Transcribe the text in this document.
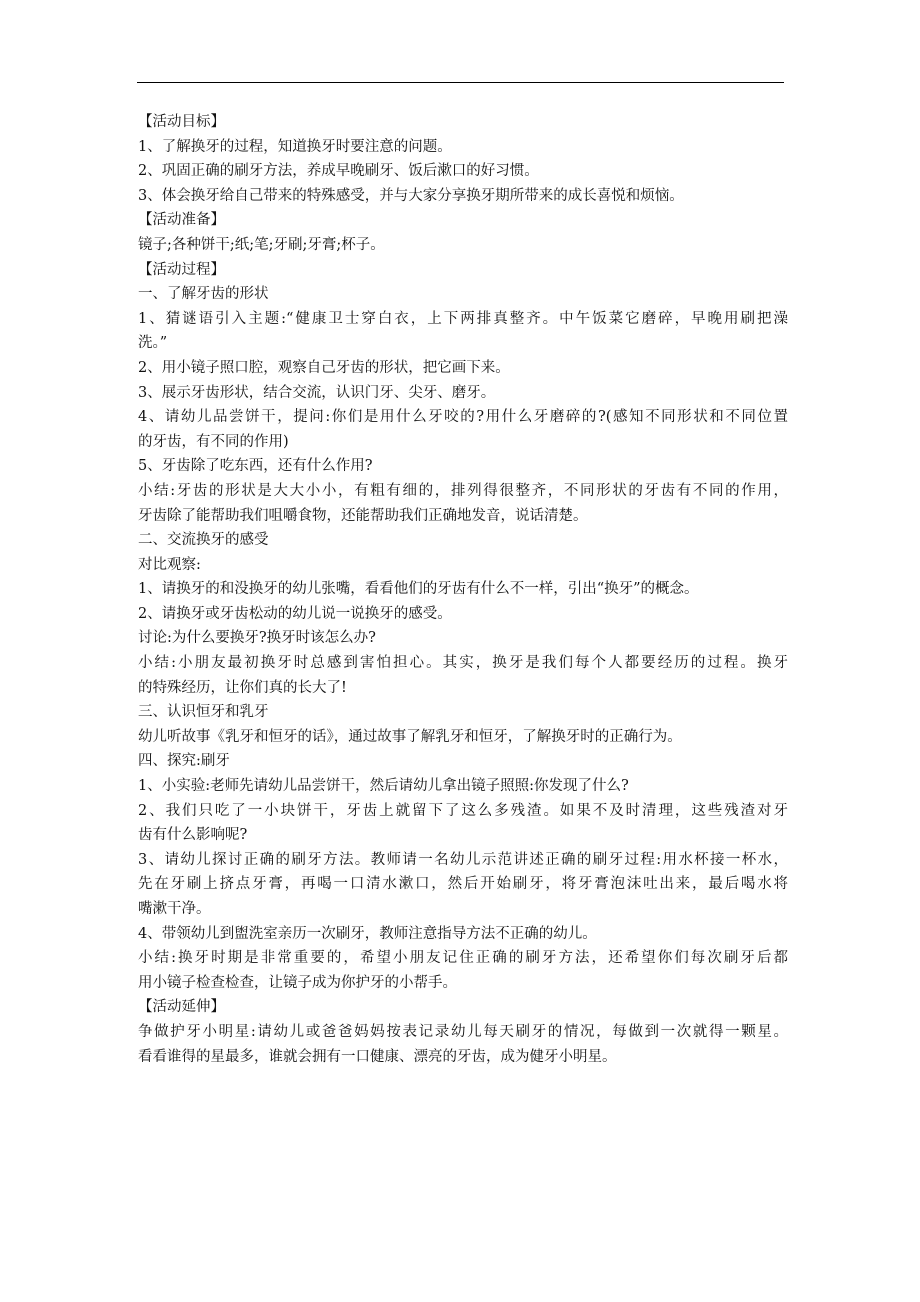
【活动目标】
1、了解换牙的过程，知道换牙时要注意的问题。
2、巩固正确的刷牙方法，养成早晚刷牙、饭后漱口的好习惯。
3、体会换牙给自己带来的特殊感受，并与大家分享换牙期所带来的成长喜悦和烦恼。
【活动准备】
镜子;各种饼干;纸;笔;牙刷;牙膏;杯子。
【活动过程】
一、了解牙齿的形状
1、猜谜语引入主题:“健康卫士穿白衣，上下两排真整齐。中午饭菜它磨碎，早晚用刷把澡
洗。”
2、用小镜子照口腔，观察自己牙齿的形状，把它画下来。
3、展示牙齿形状，结合交流，认识门牙、尖牙、磨牙。
4、请幼儿品尝饼干，提问:你们是用什么牙咬的?用什么牙磨碎的?(感知不同形状和不同位置
的牙齿，有不同的作用)
5、牙齿除了吃东西，还有什么作用?
小结:牙齿的形状是大大小小，有粗有细的，排列得很整齐，不同形状的牙齿有不同的作用，
牙齿除了能帮助我们咀嚼食物，还能帮助我们正确地发音，说话清楚。
二、交流换牙的感受
对比观察:
1、请换牙的和没换牙的幼儿张嘴，看看他们的牙齿有什么不一样，引出“换牙”的概念。
2、请换牙或牙齿松动的幼儿说一说换牙的感受。
讨论:为什么要换牙?换牙时该怎么办?
小结:小朋友最初换牙时总感到害怕担心。其实，换牙是我们每个人都要经历的过程。换牙
的特殊经历，让你们真的长大了!
三、认识恒牙和乳牙
幼儿听故事《乳牙和恒牙的话》，通过故事了解乳牙和恒牙，了解换牙时的正确行为。
四、探究:刷牙
1、小实验:老师先请幼儿品尝饼干，然后请幼儿拿出镜子照照:你发现了什么?
2、我们只吃了一小块饼干，牙齿上就留下了这么多残渣。如果不及时清理，这些残渣对牙
齿有什么影响呢?
3、请幼儿探讨正确的刷牙方法。教师请一名幼儿示范讲述正确的刷牙过程:用水杯接一杯水，
先在牙刷上挤点牙膏，再喝一口清水漱口，然后开始刷牙，将牙膏泡沫吐出来，最后喝水将
嘴漱干净。
4、带领幼儿到盥洗室亲历一次刷牙，教师注意指导方法不正确的幼儿。
小结:换牙时期是非常重要的，希望小朋友记住正确的刷牙方法，还希望你们每次刷牙后都
用小镜子检查检查，让镜子成为你护牙的小帮手。
【活动延伸】
争做护牙小明星:请幼儿或爸爸妈妈按表记录幼儿每天刷牙的情况，每做到一次就得一颗星。
看看谁得的星最多，谁就会拥有一口健康、漂亮的牙齿，成为健牙小明星。
